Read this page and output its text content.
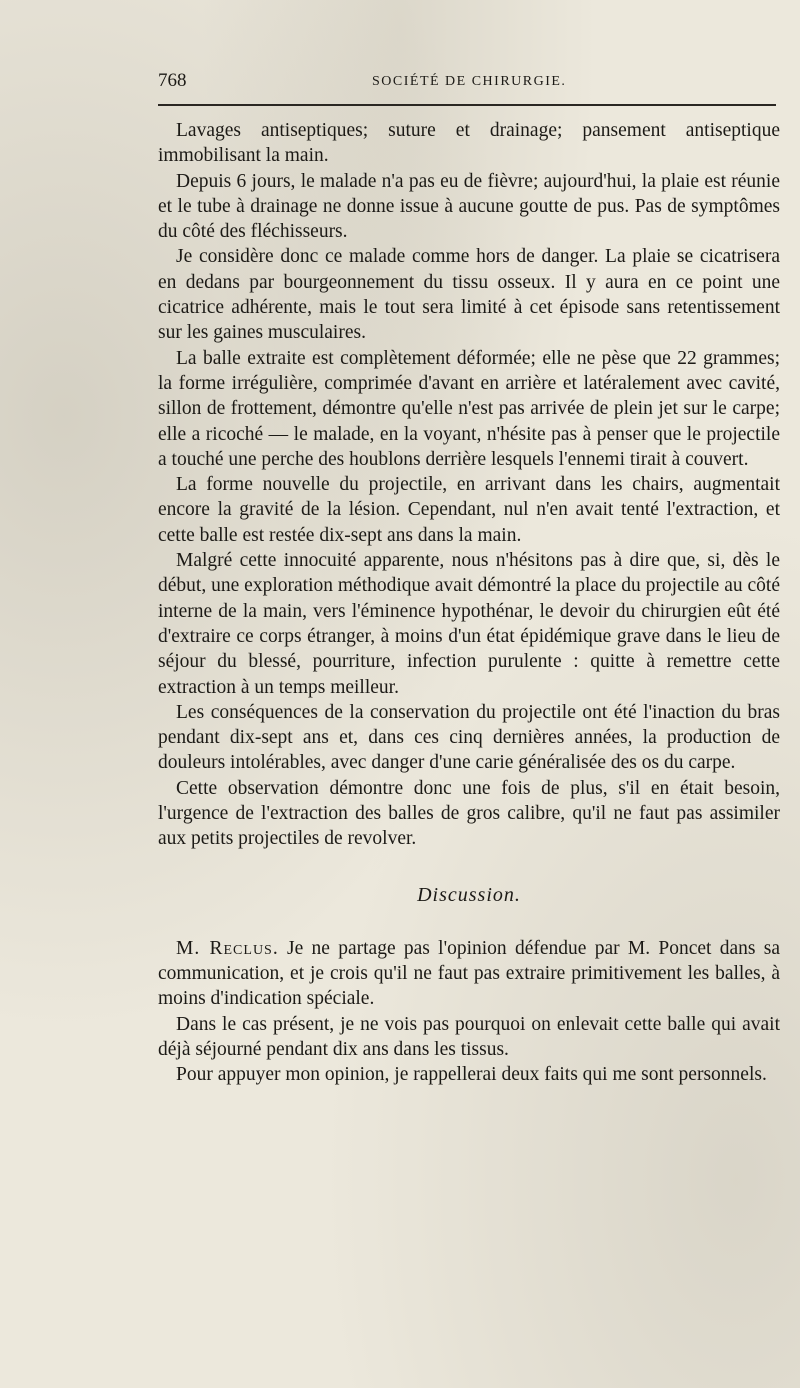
768	SOCIÉTÉ DE CHIRURGIE.

Lavages antiseptiques; suture et drainage; pansement antiseptique immobilisant la main.

Depuis 6 jours, le malade n'a pas eu de fièvre; aujourd'hui, la plaie est réunie et le tube à drainage ne donne issue à aucune goutte de pus. Pas de symptômes du côté des fléchisseurs.

Je considère donc ce malade comme hors de danger. La plaie se cicatrisera en dedans par bourgeonnement du tissu osseux. Il y aura en ce point une cicatrice adhérente, mais le tout sera limité à cet épisode sans retentissement sur les gaines musculaires.

La balle extraite est complètement déformée; elle ne pèse que 22 grammes; la forme irrégulière, comprimée d'avant en arrière et latéralement avec cavité, sillon de frottement, démontre qu'elle n'est pas arrivée de plein jet sur le carpe; elle a ricoché — le malade, en la voyant, n'hésite pas à penser que le projectile a touché une perche des houblons derrière lesquels l'ennemi tirait à couvert.

La forme nouvelle du projectile, en arrivant dans les chairs, augmentait encore la gravité de la lésion. Cependant, nul n'en avait tenté l'extraction, et cette balle est restée dix-sept ans dans la main.

Malgré cette innocuité apparente, nous n'hésitons pas à dire que, si, dès le début, une exploration méthodique avait démontré la place du projectile au côté interne de la main, vers l'éminence hypothénar, le devoir du chirurgien eût été d'extraire ce corps étranger, à moins d'un état épidémique grave dans le lieu de séjour du blessé, pourriture, infection purulente : quitte à remettre cette extraction à un temps meilleur.

Les conséquences de la conservation du projectile ont été l'inaction du bras pendant dix-sept ans et, dans ces cinq dernières années, la production de douleurs intolérables, avec danger d'une carie généralisée des os du carpe.

Cette observation démontre donc une fois de plus, s'il en était besoin, l'urgence de l'extraction des balles de gros calibre, qu'il ne faut pas assimiler aux petits projectiles de revolver.

Discussion.

M. Reclus. Je ne partage pas l'opinion défendue par M. Poncet dans sa communication, et je crois qu'il ne faut pas extraire primitivement les balles, à moins d'indication spéciale.

Dans le cas présent, je ne vois pas pourquoi on enlevait cette balle qui avait déjà séjourné pendant dix ans dans les tissus.

Pour appuyer mon opinion, je rappellerai deux faits qui me sont personnels.
